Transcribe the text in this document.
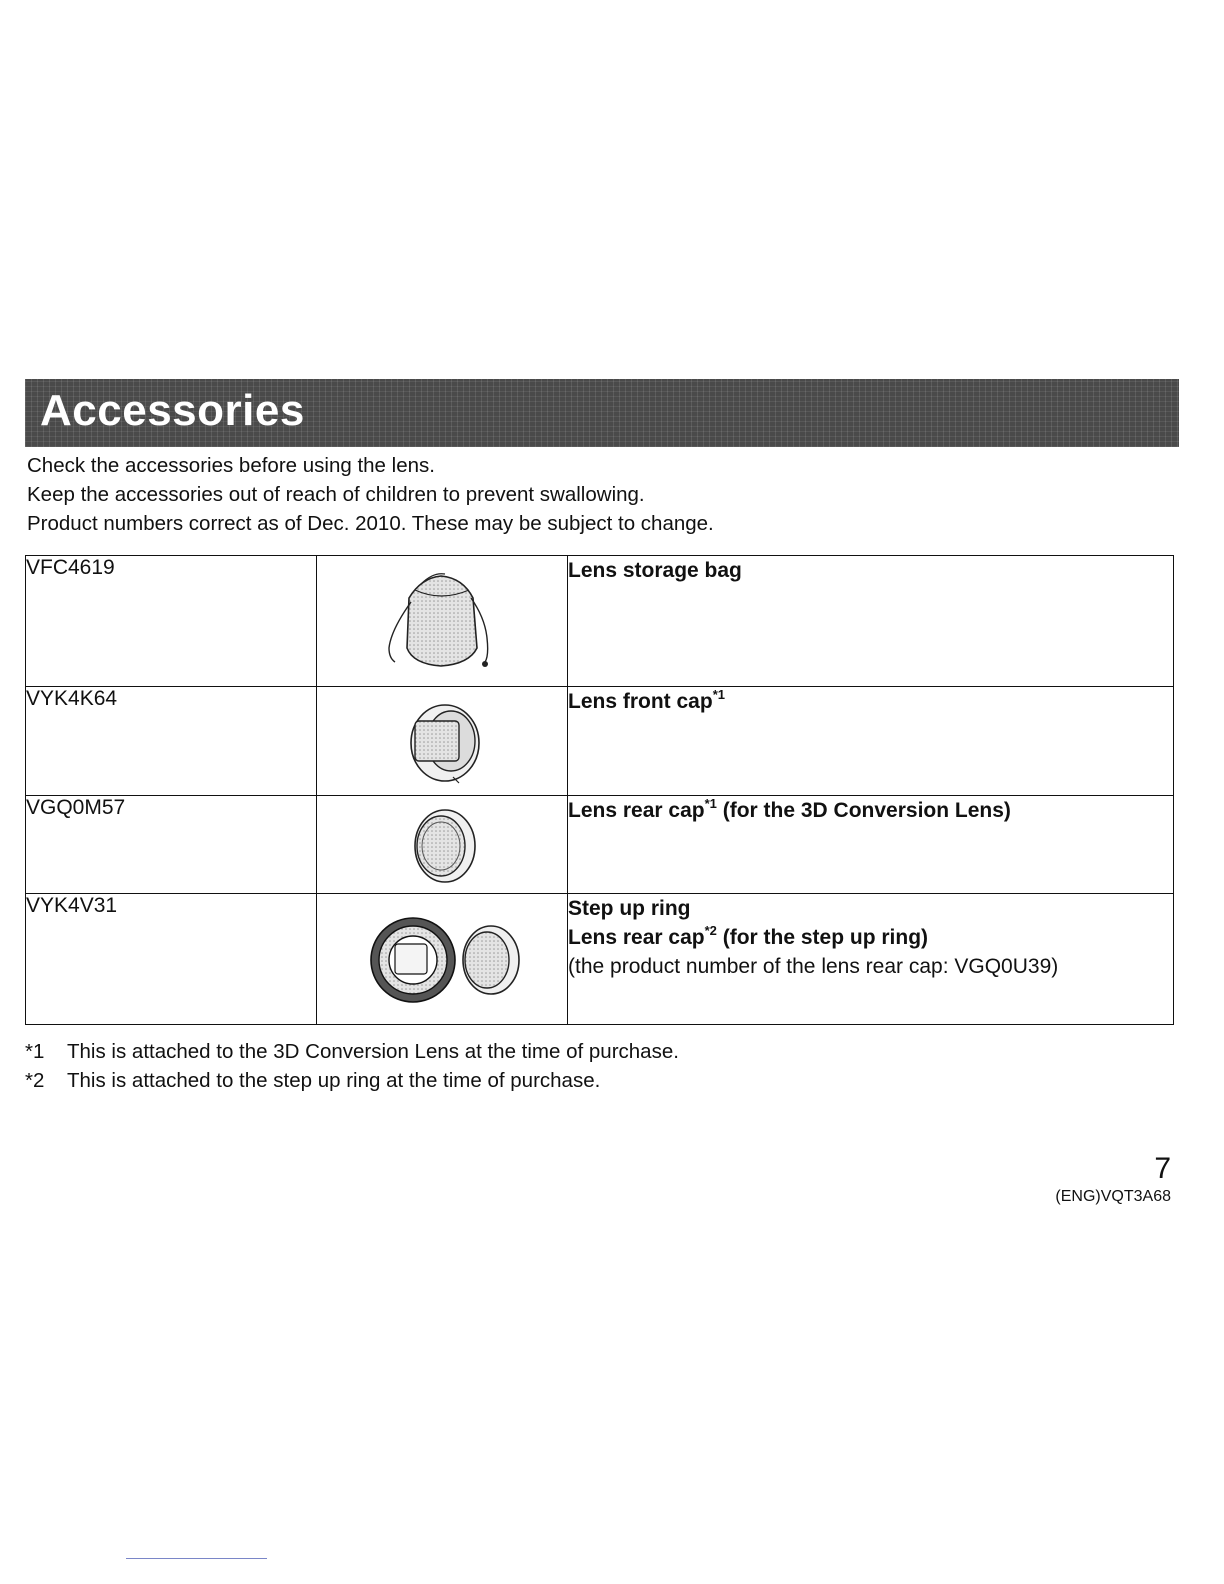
Accessories
Check the accessories before using the lens.
Keep the accessories out of reach of children to prevent swallowing.
Product numbers correct as of Dec. 2010. These may be subject to change.
VFC4619		Lens storage bag
VYK4K64		Lens front cap$^{*1}$
VGQ0M57		Lens rear cap$^{*1}$ (for the 3D Conversion Lens)
VYK4V31		Step up ring
Lens rear cap$^{*2}$ (for the step up ring)
(the product number of the lens rear cap: VGQ0U39)
*1 This is attached to the 3D Conversion Lens at the time of purchase.
*2 This is attached to the step up ring at the time of purchase.
7
(ENG)VQT3A68
